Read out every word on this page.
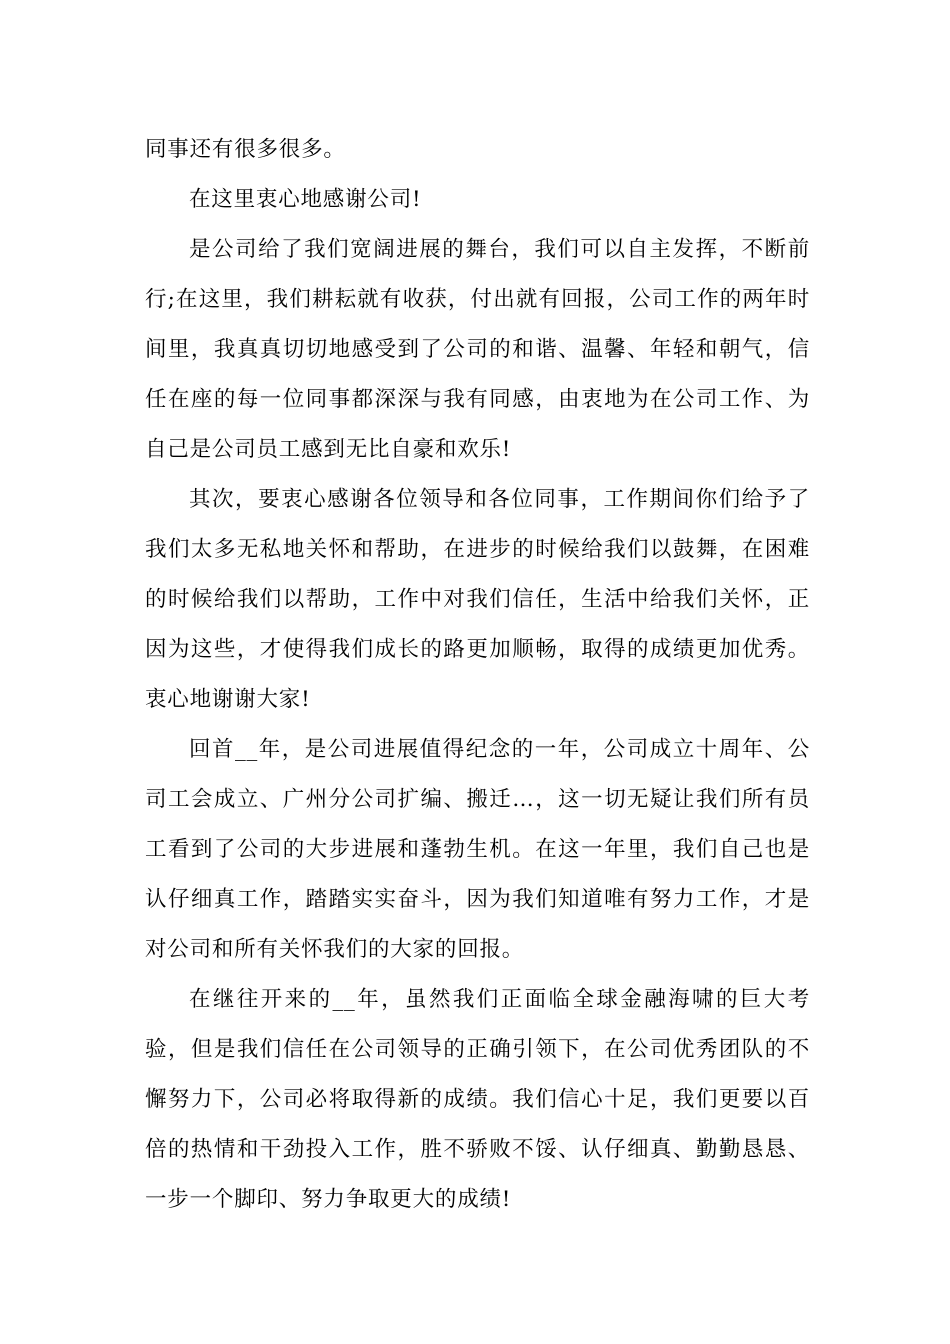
同事还有很多很多。

在这里衷心地感谢公司!

是公司给了我们宽阔进展的舞台，我们可以自主发挥，不断前行;在这里，我们耕耘就有收获，付出就有回报，公司工作的两年时间里，我真真切切地感受到了公司的和谐、温馨、年轻和朝气，信任在座的每一位同事都深深与我有同感，由衷地为在公司工作、为自己是公司员工感到无比自豪和欢乐!

其次，要衷心感谢各位领导和各位同事，工作期间你们给予了我们太多无私地关怀和帮助，在进步的时候给我们以鼓舞，在困难的时候给我们以帮助，工作中对我们信任，生活中给我们关怀，正因为这些，才使得我们成长的路更加顺畅，取得的成绩更加优秀。衷心地谢谢大家!

回首__年，是公司进展值得纪念的一年，公司成立十周年、公司工会成立、广州分公司扩编、搬迁…，这一切无疑让我们所有员工看到了公司的大步进展和蓬勃生机。在这一年里，我们自己也是认仔细真工作，踏踏实实奋斗，因为我们知道唯有努力工作，才是对公司和所有关怀我们的大家的回报。

在继往开来的__年，虽然我们正面临全球金融海啸的巨大考验，但是我们信任在公司领导的正确引领下，在公司优秀团队的不懈努力下，公司必将取得新的成绩。我们信心十足，我们更要以百倍的热情和干劲投入工作，胜不骄败不馁、认仔细真、勤勤恳恳、一步一个脚印、努力争取更大的成绩!
